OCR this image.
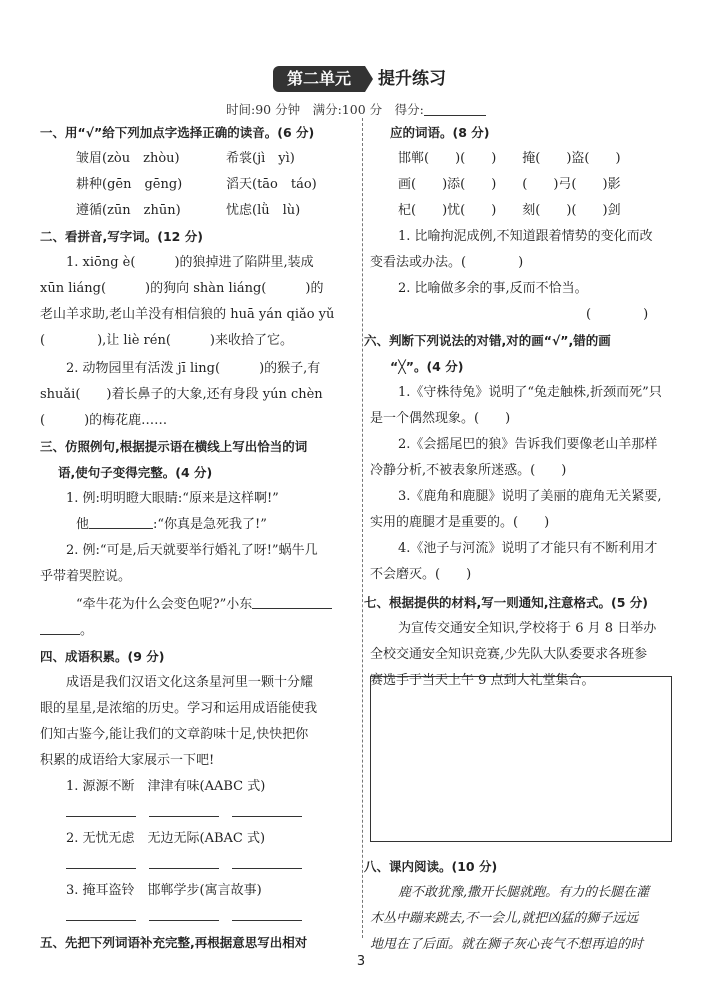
第二单元	提升练习
时间:90 分钟　满分:100 分　得分:
一、用“√”给下列加点字选择正确的读音。(6 分)
皱眉(zòu　zhòu)	希裳(jì　yì)
耕种(gēn　gēng)	滔天(tāo　táo)
遵循(zūn　zhūn)	忧虑(lǜ　lù)
二、看拼音,写字词。(12 分)
1. xiōng è(　　　)的狼掉进了陷阱里,装成
xūn liáng(　　　)的狗向 shàn liáng(　　　)的
老山羊求助,老山羊没有相信狼的 huā yán qiǎo yǔ
(　　　　),让 liè rén(　　　)来收拾了它。
2. 动物园里有活泼 jī ling(　　　)的猴子,有
shuǎi(　　)着长鼻子的大象,还有身段 yún chèn
(　　　)的梅花鹿……
三、仿照例句,根据提示语在横线上写出恰当的词
语,使句子变得完整。(4 分)
1. 例:明明瞪大眼睛:“原来是这样啊!”
他	:“你真是急死我了!”
2. 例:“可是,后天就要举行婚礼了呀!”蜗牛几
乎带着哭腔说。
“牵牛花为什么会变色呢?”小东
。
四、成语积累。(9 分)
成语是我们汉语文化这条星河里一颗十分耀
眼的星星,是浓缩的历史。学习和运用成语能使我
们知古鉴今,能让我们的文章韵味十足,快快把你
积累的成语给大家展示一下吧!
1. 源源不断　津津有味(AABC 式)

2. 无忧无虑　无边无际(ABAC 式)

3. 掩耳盗铃　邯郸学步(寓言故事)

五、先把下列词语补充完整,再根据意思写出相对
应的词语。(8 分)
邯郸(　　)(　　)　　掩(　　)盗(　　)
画(　　)添(　　)　　(　　)弓(　　)影
杞(　　)忧(　　)　　刻(　　)(　　)剑
1. 比喻拘泥成例,不知道跟着情势的变化而改
变看法或办法。(　　　　)
2. 比喻做多余的事,反而不恰当。
(　　　　)
六、判断下列说法的对错,对的画“√”,错的画
“╳”。(4 分)
1.《守株待兔》说明了“兔走触株,折颈而死”只
是一个偶然现象。(　　)
2.《会摇尾巴的狼》告诉我们要像老山羊那样
冷静分析,不被表象所迷惑。(　　)
3.《鹿角和鹿腿》说明了美丽的鹿角无关紧要,
实用的鹿腿才是重要的。(　　)
4.《池子与河流》说明了才能只有不断利用才
不会磨灭。(　　)
七、根据提供的材料,写一则通知,注意格式。(5 分)
为宣传交通安全知识,学校将于 6 月 8 日举办
全校交通安全知识竞赛,少先队大队委要求各班参
赛选手于当天上午 9 点到大礼堂集合。
八、课内阅读。(10 分)
鹿不敢犹豫,撒开长腿就跑。有力的长腿在灌
木丛中蹦来跳去,不一会儿,就把凶猛的狮子远远
地甩在了后面。就在狮子灰心丧气不想再追的时
3
